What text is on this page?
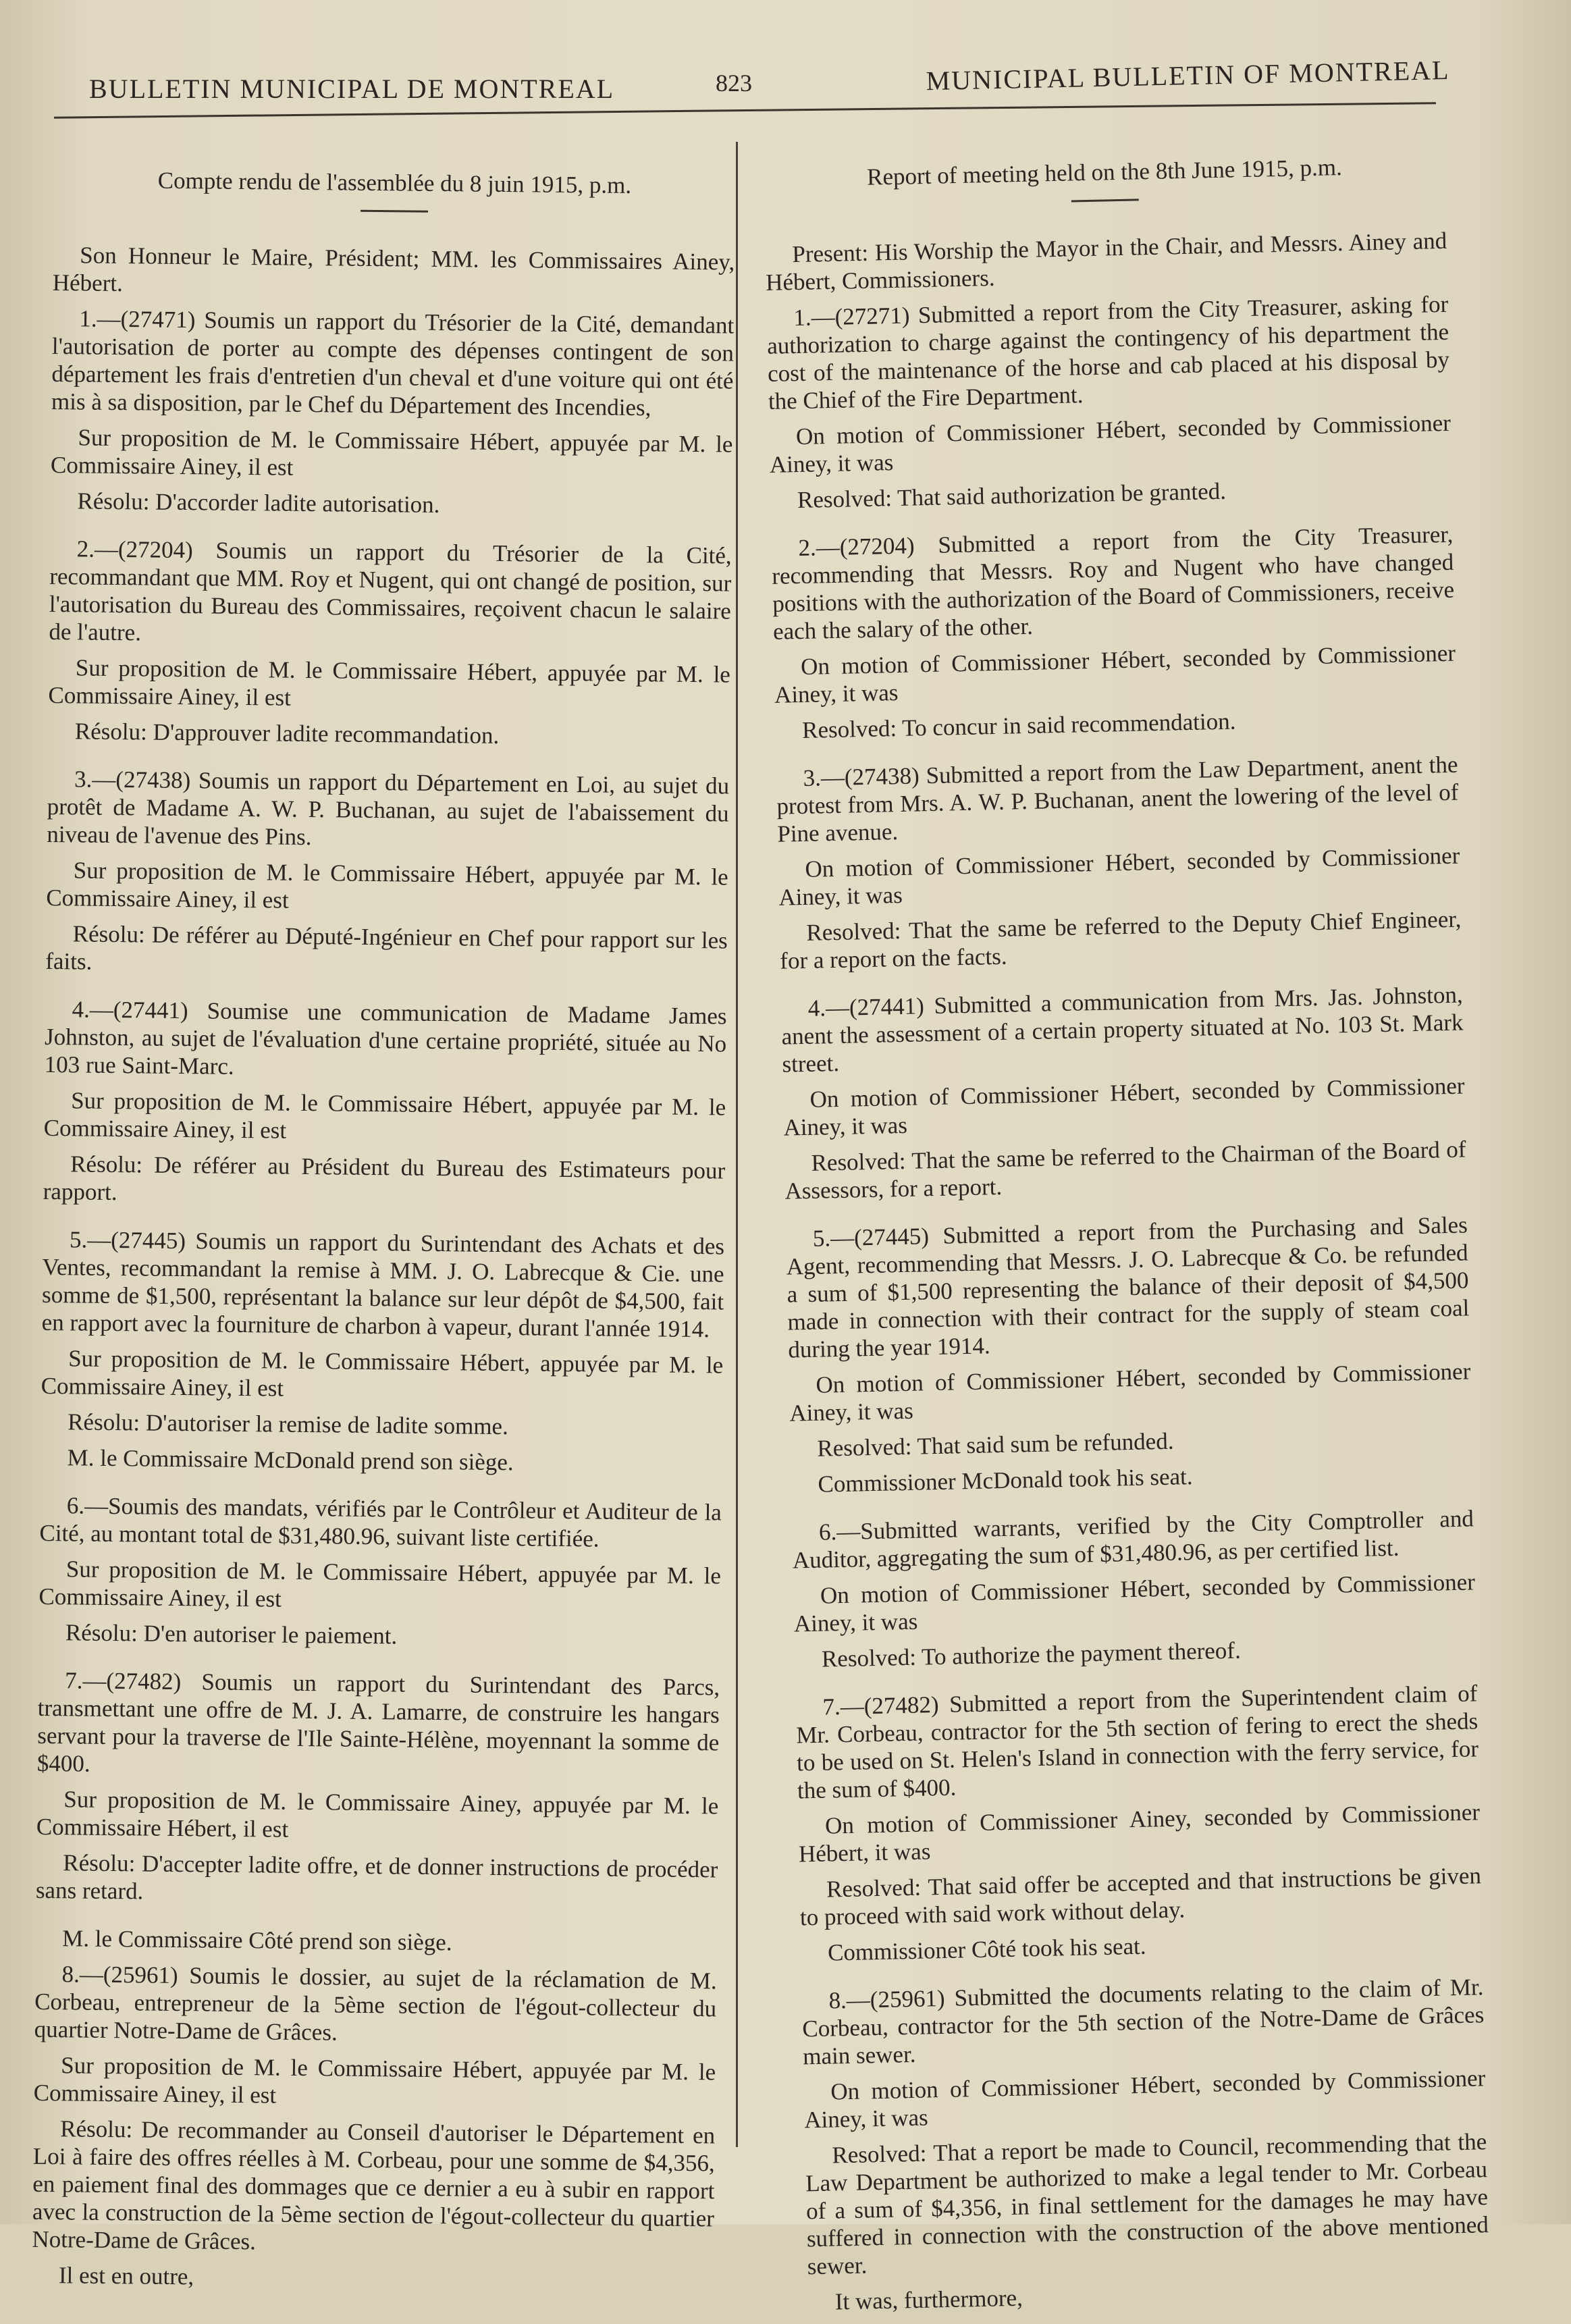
BULLETIN MUNICIPAL DE MONTREAL	823	MUNICIPAL BULLETIN OF MONTREAL
Compte rendu de l'assemblée du 8 juin 1915, p.m.

Son Honneur le Maire, Président; MM. les Commissaires Ainey, Hébert.

1.—(27471) Soumis un rapport du Trésorier de la Cité, demandant l'autorisation de porter au compte des dépenses contingent de son département les frais d'entretien d'un cheval et d'une voiture qui ont été mis à sa disposition, par le Chef du Département des Incendies,

Sur proposition de M. le Commissaire Hébert, appuyée par M. le Commissaire Ainey, il est

Résolu: D'accorder ladite autorisation.

2.—(27204) Soumis un rapport du Trésorier de la Cité, recommandant que MM. Roy et Nugent, qui ont changé de position, sur l'autorisation du Bureau des Commissaires, reçoivent chacun le salaire de l'autre.

Sur proposition de M. le Commissaire Hébert, appuyée par M. le Commissaire Ainey, il est

Résolu: D'approuver ladite recommandation.

3.—(27438) Soumis un rapport du Département en Loi, au sujet du protêt de Madame A. W. P. Buchanan, au sujet de l'abaissement du niveau de l'avenue des Pins.

Sur proposition de M. le Commissaire Hébert, appuyée par M. le Commissaire Ainey, il est

Résolu: De référer au Député-Ingénieur en Chef pour rapport sur les faits.

4.—(27441) Soumise une communication de Madame James Johnston, au sujet de l'évaluation d'une certaine propriété, située au No 103 rue Saint-Marc.

Sur proposition de M. le Commissaire Hébert, appuyée par M. le Commissaire Ainey, il est

Résolu: De référer au Président du Bureau des Estimateurs pour rapport.

5.—(27445) Soumis un rapport du Surintendant des Achats et des Ventes, recommandant la remise à MM. J. O. Labrecque & Cie. une somme de $1,500, représentant la balance sur leur dépôt de $4,500, fait en rapport avec la fourniture de charbon à vapeur, durant l'année 1914.

Sur proposition de M. le Commissaire Hébert, appuyée par M. le Commissaire Ainey, il est

Résolu: D'autoriser la remise de ladite somme.

M. le Commissaire McDonald prend son siège.

6.—Soumis des mandats, vérifiés par le Contrôleur et Auditeur de la Cité, au montant total de $31,480.96, suivant liste certifiée.

Sur proposition de M. le Commissaire Hébert, appuyée par M. le Commissaire Ainey, il est

Résolu: D'en autoriser le paiement.

7.—(27482) Soumis un rapport du Surintendant des Parcs, transmettant une offre de M. J. A. Lamarre, de construire les hangars servant pour la traverse de l'Ile Sainte-Hélène, moyennant la somme de $400.

Sur proposition de M. le Commissaire Ainey, appuyée par M. le Commissaire Hébert, il est

Résolu: D'accepter ladite offre, et de donner instructions de procéder sans retard.

M. le Commissaire Côté prend son siège.

8.—(25961) Soumis le dossier, au sujet de la réclamation de M. Corbeau, entrepreneur de la 5ème section de l'égout-collecteur du quartier Notre-Dame de Grâces.

Sur proposition de M. le Commissaire Hébert, appuyée par M. le Commissaire Ainey, il est

Résolu: De recommander au Conseil d'autoriser le Département en Loi à faire des offres réelles à M. Corbeau, pour une somme de $4,356, en paiement final des dommages que ce dernier a eu à subir en rapport avec la construction de la 5ème section de l'égout-collecteur du quartier Notre-Dame de Grâces.

Il est en outre,

Report of meeting held on the 8th June 1915, p.m.

Present: His Worship the Mayor in the Chair, and Messrs. Ainey and Hébert, Commissioners.

1.—(27271) Submitted a report from the City Treasurer, asking for authorization to charge against the contingency of his department the cost of the maintenance of the horse and cab placed at his disposal by the Chief of the Fire Department.

On motion of Commissioner Hébert, seconded by Commissioner Ainey, it was

Resolved: That said authorization be granted.

2.—(27204) Submitted a report from the City Treasurer, recommending that Messrs. Roy and Nugent who have changed positions with the authorization of the Board of Commissioners, receive each the salary of the other.

On motion of Commissioner Hébert, seconded by Commissioner Ainey, it was

Resolved: To concur in said recommendation.

3.—(27438) Submitted a report from the Law Department, anent the protest from Mrs. A. W. P. Buchanan, anent the lowering of the level of Pine avenue.

On motion of Commissioner Hébert, seconded by Commissioner Ainey, it was

Resolved: That the same be referred to the Deputy Chief Engineer, for a report on the facts.

4.—(27441) Submitted a communication from Mrs. Jas. Johnston, anent the assessment of a certain property situated at No. 103 St. Mark street.

On motion of Commissioner Hébert, seconded by Commissioner Ainey, it was

Resolved: That the same be referred to the Chairman of the Board of Assessors, for a report.

5.—(27445) Submitted a report from the Purchasing and Sales Agent, recommending that Messrs. J. O. Labrecque & Co. be refunded a sum of $1,500 representing the balance of their deposit of $4,500 made in connection with their contract for the supply of steam coal during the year 1914.

On motion of Commissioner Hébert, seconded by Commissioner Ainey, it was

Resolved: That said sum be refunded.

Commissioner McDonald took his seat.

6.—Submitted warrants, verified by the City Comptroller and Auditor, aggregating the sum of $31,480.96, as per certified list.

On motion of Commissioner Hébert, seconded by Commissioner Ainey, it was

Resolved: To authorize the payment thereof.

7.—(27482) Submitted a report from the Superintendent claim of Mr. Corbeau, contractor for the 5th section of fering to erect the sheds to be used on St. Helen's Island in connection with the ferry service, for the sum of $400.

On motion of Commissioner Ainey, seconded by Commissioner Hébert, it was

Resolved: That said offer be accepted and that instructions be given to proceed with said work without delay.

Commissioner Côté took his seat.

8.—(25961) Submitted the documents relating to the claim of Mr. Corbeau, contractor for the 5th section of the Notre-Dame de Grâces main sewer.

On motion of Commissioner Hébert, seconded by Commissioner Ainey, it was

Resolved: That a report be made to Council, recommending that the Law Department be authorized to make a legal tender to Mr. Corbeau of a sum of $4,356, in final settlement for the damages he may have suffered in connection with the construction of the above mentioned sewer.

It was, furthermore,
